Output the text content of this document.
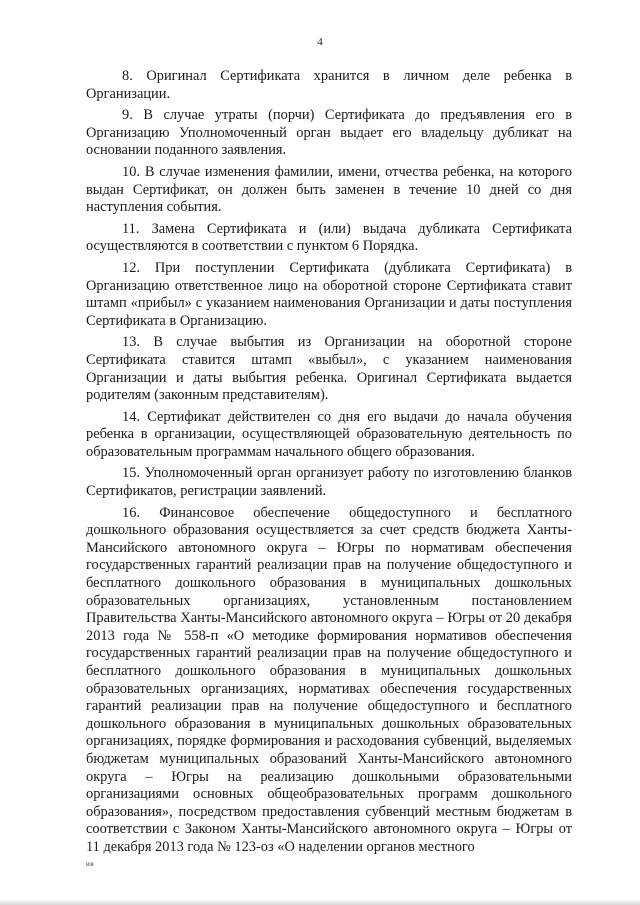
4

8. Оригинал Сертификата хранится в личном деле ребенка в Организации.

9. В случае утраты (порчи) Сертификата до предъявления его в Организацию Уполномоченный орган выдает его владельцу дубликат на основании поданного заявления.

10. В случае изменения фамилии, имени, отчества ребенка, на которого выдан Сертификат, он должен быть заменен в течение 10 дней со дня наступления события.

11. Замена Сертификата и (или) выдача дубликата Сертификата осуществляются в соответствии с пунктом 6 Порядка.

12. При поступлении Сертификата (дубликата Сертификата) в Организацию ответственное лицо на оборотной стороне Сертификата ставит штамп «прибыл» с указанием наименования Организации и даты поступления Сертификата в Организацию.

13. В случае выбытия из Организации на оборотной стороне Сертификата ставится штамп «выбыл», с указанием наименования Организации и даты выбытия ребенка. Оригинал Сертификата выдается родителям (законным представителям).

14. Сертификат действителен со дня его выдачи до начала обучения ребенка в организации, осуществляющей образовательную деятельность по образовательным программам начального общего образования.

15. Уполномоченный орган организует работу по изготовлению бланков Сертификатов, регистрации заявлений.

16. Финансовое обеспечение общедоступного и бесплатного дошкольного образования осуществляется за счет средств бюджета Ханты-Мансийского автономного округа – Югры по нормативам обеспечения государственных гарантий реализации прав на получение общедоступного и бесплатного дошкольного образования в муниципальных дошкольных образовательных организациях, установленным постановлением Правительства Ханты-Мансийского автономного округа – Югры от 20 декабря 2013 года № 558-п «О методике формирования нормативов обеспечения государственных гарантий реализации прав на получение общедоступного и бесплатного дошкольного образования в муниципальных дошкольных образовательных организациях, нормативах обеспечения государственных гарантий реализации прав на получение общедоступного и бесплатного дошкольного образования в муниципальных дошкольных образовательных организациях, порядке формирования и расходования субвенций, выделяемых бюджетам муниципальных образований Ханты-Мансийского автономного округа – Югры на реализацию дошкольными образовательными организациями основных общеобразовательных программ дошкольного образования», посредством предоставления субвенций местным бюджетам в соответствии с Законом Ханты-Мансийского автономного округа – Югры от 11 декабря 2013 года № 123-оз «О наделении органов местного

ив
